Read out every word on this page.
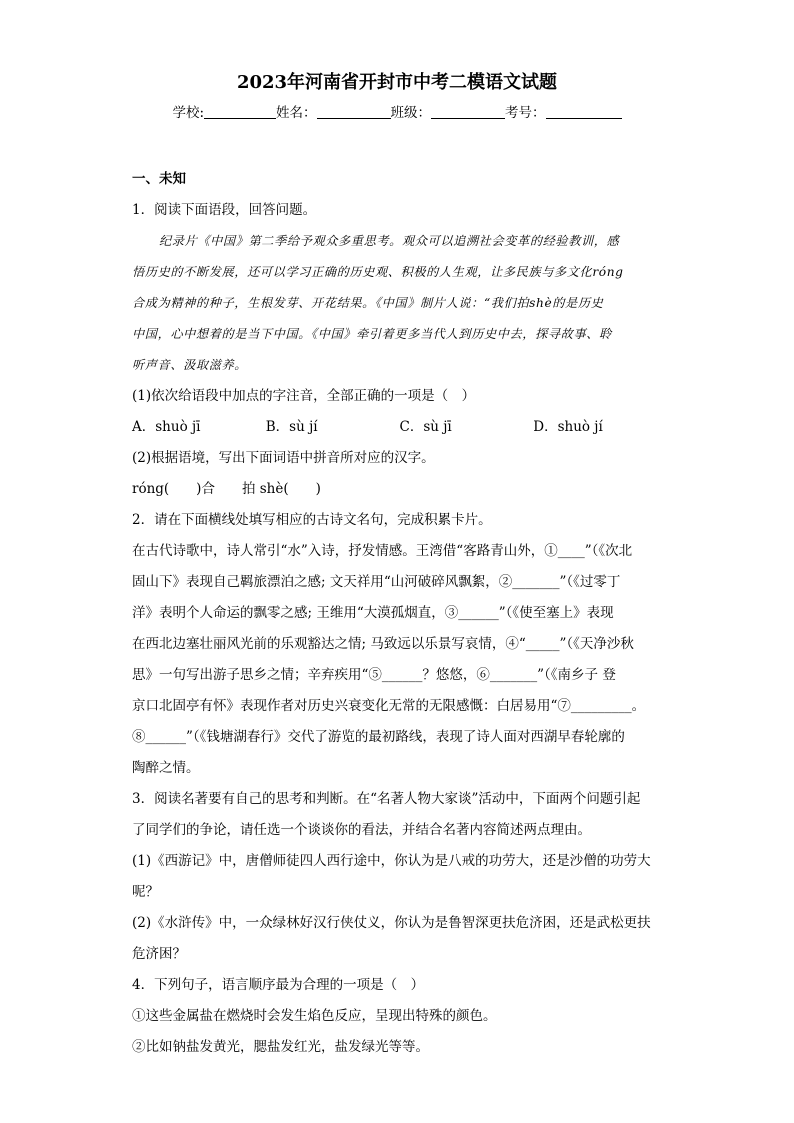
2023年河南省开封市中考二模语文试题
学校:	姓名：	班级：	考号：
一、未知
1．阅读下面语段，回答问题。
纪录片《中国》第二季给予观众多重思考。观众可以追溯社会变革的经验教训，感
悟历史的不断发展，还可以学习正确的历史观、积极的人生观，让多民族与多文化róng
合成为精神的种子，生根发芽、开花结果。《中国》制片人说：“我们拍shè的是历史
中国，心中想着的是当下中国。《中国》牵引着更多当代人到历史中去，探寻故事、聆
听声音、汲取滋养。
(1)依次给语段中加点的字注音，全部正确的一项是（　）
A．shuò jī	B．sù jí	C．sù jī	D．shuò jí
(2)根据语境，写出下面词语中拼音所对应的汉字。
róng(　　)合　　拍 shè(　　)
2．请在下面横线处填写相应的古诗文名句，完成积累卡片。
在古代诗歌中，诗人常引“水”入诗，抒发情感。王湾借“客路青山外，①____”（《次北
固山下》表现自己羁旅漂泊之感; 文天祥用“山河破碎风飘絮，②_______”（《过零丁
洋》表明个人命运的飘零之感; 王维用“大漠孤烟直，③______”（《使至塞上》表现
在西北边塞壮丽风光前的乐观豁达之情; 马致远以乐景写哀情，④“_____”（《天净沙秋
思》一句写出游子思乡之情；辛弃疾用“⑤______？悠悠，⑥_______”（《南乡子 登
京口北固亭有怀》表现作者对历史兴衰变化无常的无限感慨：白居易用“⑦_________。
⑧______”（《钱塘湖春行》交代了游览的最初路线，表现了诗人面对西湖早春轮廓的
陶醉之情。
3．阅读名著要有自己的思考和判断。在“名著人物大家谈”活动中，下面两个问题引起
了同学们的争论，请任选一个谈谈你的看法，并结合名著内容简述两点理由。
(1)《西游记》中，唐僧师徒四人西行途中，你认为是八戒的功劳大，还是沙僧的功劳大
呢？
(2)《水浒传》中，一众绿林好汉行侠仗义，你认为是鲁智深更扶危济困，还是武松更扶
危济困？
4．下列句子，语言顺序最为合理的一项是（　）
①这些金属盐在燃烧时会发生焰色反应，呈现出特殊的颜色。
②比如钠盐发黄光，腮盐发红光，盐发绿光等等。
